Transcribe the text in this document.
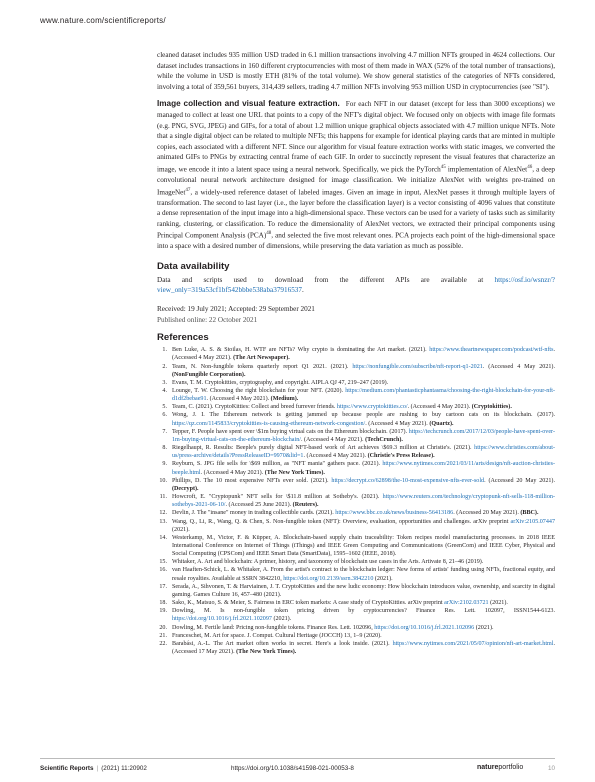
www.nature.com/scientificreports/

cleaned dataset includes 935 million USD traded in 6.1 million transactions involving 4.7 million NFTs grouped in 4624 collections. Our dataset includes transactions in 160 different cryptocurrencies with most of them made in WAX (52% of the total number of transactions), while the volume in USD is mostly ETH (81% of the total volume). We show general statistics of the categories of NFTs considered, involving a total of 359,561 buyers, 314,439 sellers, trading 4.7 million NFTs involving 953 million USD in cryptocurrencies (see "SI").

Image collection and visual feature extraction. For each NFT in our dataset (except for less than 3000 exceptions) we managed to collect at least one URL that points to a copy of the NFT's digital object. We focused only on objects with image file formats (e.g. PNG, SVG, JPEG) and GIFs, for a total of about 1.2 million unique graphical objects associated with 4.7 million unique NFTs. Note that a single digital object can be related to multiple NFTs; this happens for example for identical playing cards that are minted in multiple copies, each associated with a different NFT. Since our algorithm for visual feature extraction works with static images, we converted the animated GIFs to PNGs by extracting central frame of each GIF. In order to succinctly represent the visual features that characterize an image, we encode it into a latent space using a neural network. Specifically, we pick the PyTorch$^{45}$ implementation of AlexNet$^{46}$, a deep convolutional neural network architecture designed for image classification. We initialize AlexNet with weights pre-trained on ImageNet$^{47}$, a widely-used reference dataset of labeled images. Given an image in input, AlexNet passes it through multiple layers of transformation. The second to last layer (i.e., the layer before the classification layer) is a vector consisting of 4096 values that constitute a dense representation of the input image into a high-dimensional space. These vectors can be used for a variety of tasks such as similarity ranking, clustering, or classification. To reduce the dimensionality of AlexNet vectors, we extracted their principal components using Principal Component Analysis (PCA)$^{48}$, and selected the five most relevant ones. PCA projects each point of the high-dimensional space into a space with a desired number of dimensions, while preserving the data variation as much as possible.

Data availability

Data and scripts used to download from the different APIs are available at https://osf.io/wsnzr/?view_only=319a53cf1bf542bbbe538aba37916537.

Received: 19 July 2021; Accepted: 29 September 2021
Published online: 22 October 2021
References
1. Ben Luke, A. S. & Stoilas, H. WTF are NFTs? Why crypto is dominating the Art market. (2021). https://www.theartnewspaper.com/podcast/wtf-nfts. (Accessed 4 May 2021). (The Art Newspaper).
2. Team, N. Non-fungible tokens quarterly report Q1 2021. (2021). https://nonfungible.com/subscribe/nft-report-q1-2021. (Accessed 4 May 2021). (NonFungible Corporation).
3. Evans, T. M. Cryptokitties, cryptography, and copyright. AIPLA QJ 47, 219–247 (2019).
4. Lounge, T. W. Choosing the right blockchain for your NFT. (2020). https://medium.com/phantasticphantasma/choosing-the-right-blockchain-for-your-nft-d1df2bebae91. (Accessed 4 May 2021). (Medium).
5. Team, C. (2021). CryptoKitties: Collect and breed furrever friends. https://www.cryptokitties.co/. (Accessed 4 May 2021). (Cryptokitties).
6. Wong, J. I. The Ethereum network is getting jammed up because people are rushing to buy cartoon cats on its blockchain. (2017). https://qz.com/1145833/cryptokitties-is-causing-ethereum-network-congestion/. (Accessed 4 May 2021). (Quartz).
7. Tepper, F. People have spent over \$1m buying virtual cats on the Ethereum blockchain. (2017). https://techcrunch.com/2017/12/03/people-have-spent-over-1m-buying-virtual-cats-on-the-ethereum-blockchain/. (Accessed 4 May 2021). (TechCrunch).
8. Riegelhaupt, R. Results: Beeple's purely digital NFT-based work of Art achieves \$69.3 million at Christie's. (2021). https://www.christies.com/about-us/press-archive/details?PressReleaseID=9970&lid=1. (Accessed 4 May 2021). (Christie's Press Release).
9. Reyburn, S. JPG file sells for \$69 million, as "NFT mania" gathers pace. (2021). https://www.nytimes.com/2021/03/11/arts/design/nft-auction-christies-beeple.html. (Accessed 4 May 2021). (The New York Times).
10. Phillips, D. The 10 most expensive NFTs ever sold. (2021). https://decrypt.co/62898/the-10-most-expensive-nfts-ever-sold. (Accessed 20 May 2021). (Decrypt).
11. Howcroft, E. "Cryptopunk" NFT sells for \$11.8 million at Sotheby's. (2021). https://www.reuters.com/technology/cryptopunk-nft-sells-118-million-sothebys-2021-06-10/. (Accessed 25 June 2021). (Reuters).
12. Devlin, J. The "insane" money in trading collectible cards. (2021). https://www.bbc.co.uk/news/business-56413186. (Accessed 20 May 2021). (BBC).
13. Wang, Q., Li, R., Wang, Q. & Chen, S. Non-fungible token (NFT): Overview, evaluation, opportunities and challenges. arXiv preprint arXiv:2105.07447 (2021).
14. Westerkamp, M., Victor, F. & Küpper, A. Blockchain-based supply chain traceability: Token recipes model manufacturing processes. in 2018 IEEE International Conference on Internet of Things (iThings) and IEEE Green Computing and Communications (GreenCom) and IEEE Cyber, Physical and Social Computing (CPSCom) and IEEE Smart Data (SmartData), 1595–1602 (IEEE, 2018).
15. Whitaker, A. Art and blockchain: A primer, history, and taxonomy of blockchain use cases in the Arts. Artivate 8, 21–46 (2019).
16. van Haaften-Schick, L. & Whitaker, A. From the artist's contract to the blockchain ledger: New forms of artists' funding using NFTs, fractional equity, and resale royalties. Available at SSRN 3842210, https://doi.org/10.2139/ssrn.3842210 (2021).
17. Serada, A., Sihvonen, T. & Harviainen, J. T. CryptoKitties and the new ludic economy: How blockchain introduces value, ownership, and scarcity in digital gaming. Games Culture 16, 457–480 (2021).
18. Sako, K., Matsuo, S. & Meier, S. Fairness in ERC token markets: A case study of CryptoKitties. arXiv preprint arXiv:2102.03721 (2021).
19. Dowling, M. Is non-fungible token pricing driven by cryptocurrencies? Finance Res. Lett. 102097, ISSN1544-6123. https://doi.org/10.1016/j.frl.2021.102097 (2021).
20. Dowling, M. Fertile land: Pricing non-fungible tokens. Finance Res. Lett. 102096, https://doi.org/10.1016/j.frl.2021.102096 (2021).
21. Franceschet, M. Art for space. J. Comput. Cultural Heritage (JOCCH) 13, 1–9 (2020).
22. Barabási, A.-L. The Art market often works in secret. Here's a look inside. (2021). https://www.nytimes.com/2021/05/07/opinion/nft-art-market.html. (Accessed 17 May 2021). (The New York Times).
Scientific Reports | (2021) 11:20902	https://doi.org/10.1038/s41598-021-00053-8	natureportfolio	10
